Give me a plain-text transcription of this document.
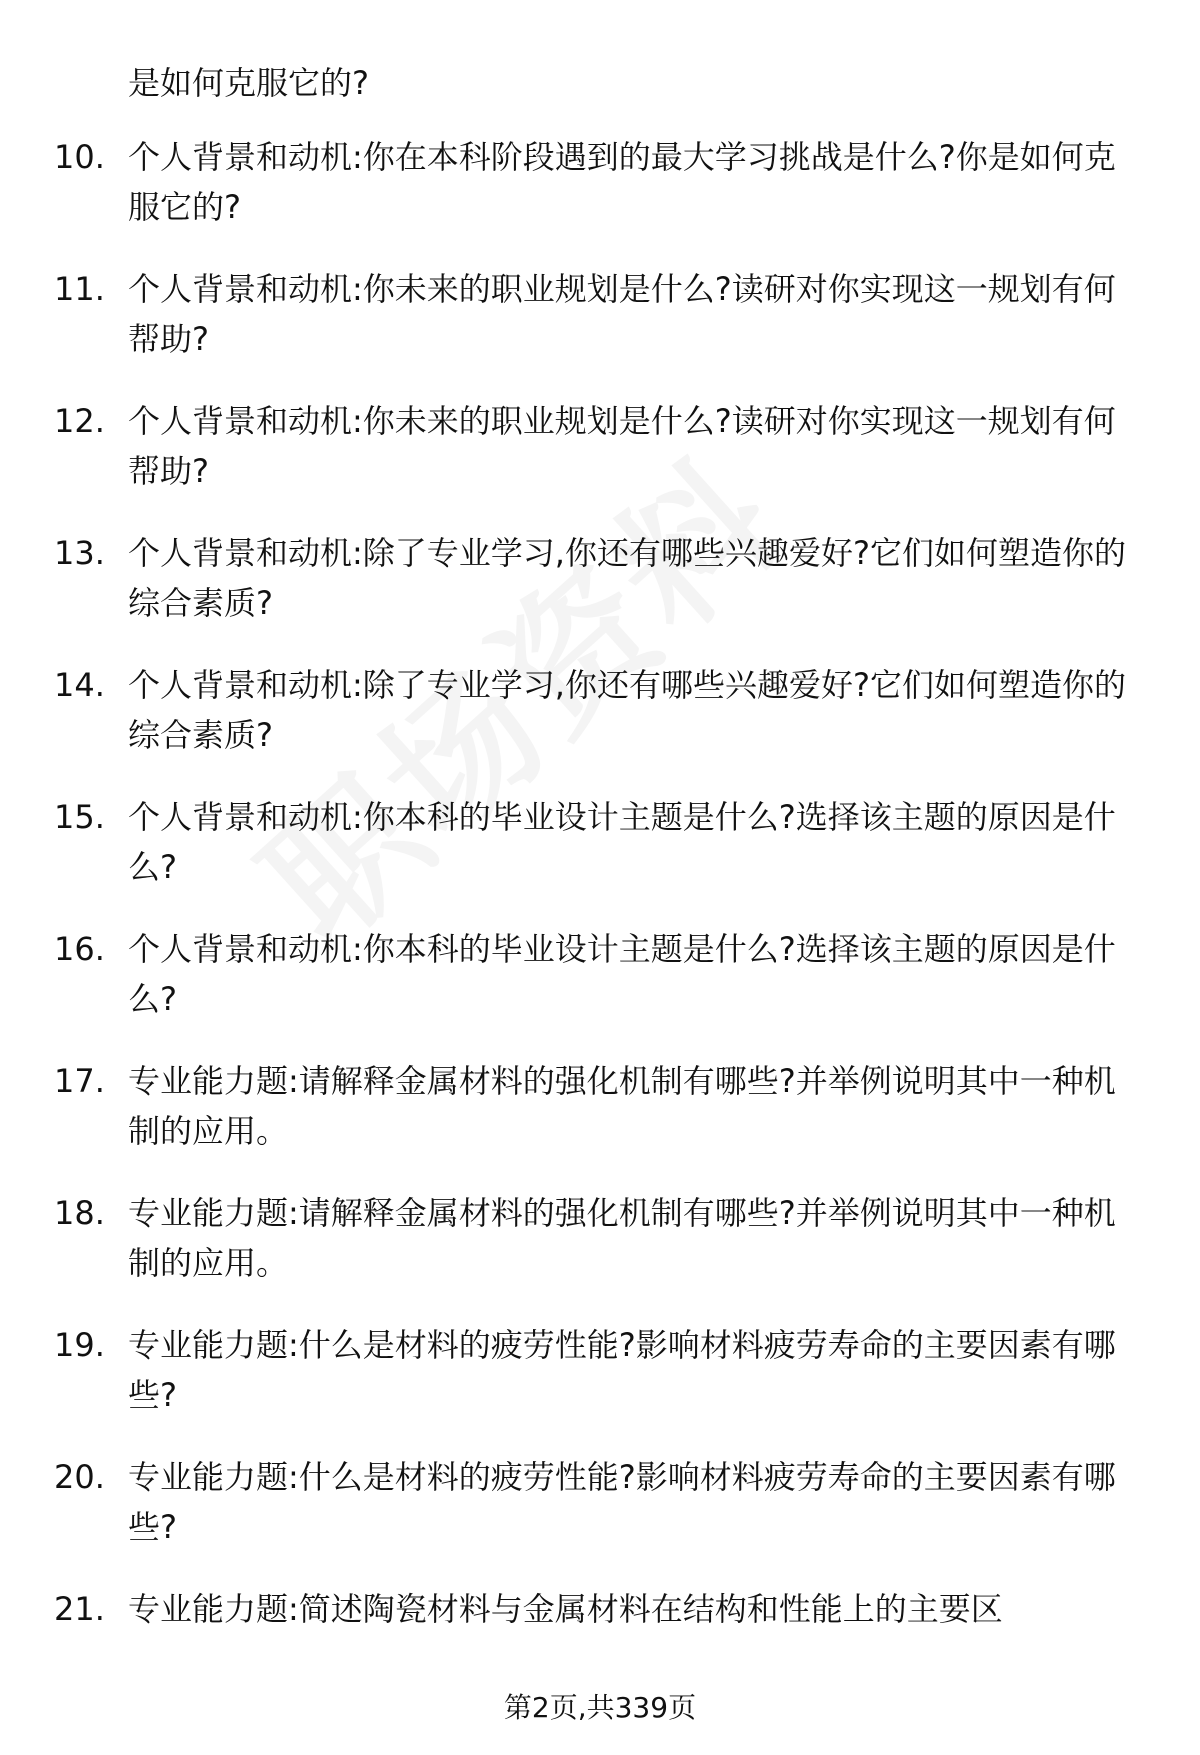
是如何克服它的?
10. 个人背景和动机:你在本科阶段遇到的最大学习挑战是什么?你是如何克服它的?
11. 个人背景和动机:你未来的职业规划是什么?读研对你实现这一规划有何帮助?
12. 个人背景和动机:你未来的职业规划是什么?读研对你实现这一规划有何帮助?
13. 个人背景和动机:除了专业学习,你还有哪些兴趣爱好?它们如何塑造你的综合素质?
14. 个人背景和动机:除了专业学习,你还有哪些兴趣爱好?它们如何塑造你的综合素质?
15. 个人背景和动机:你本科的毕业设计主题是什么?选择该主题的原因是什么?
16. 个人背景和动机:你本科的毕业设计主题是什么?选择该主题的原因是什么?
17. 专业能力题:请解释金属材料的强化机制有哪些?并举例说明其中一种机制的应用。
18. 专业能力题:请解释金属材料的强化机制有哪些?并举例说明其中一种机制的应用。
19. 专业能力题:什么是材料的疲劳性能?影响材料疲劳寿命的主要因素有哪些?
20. 专业能力题:什么是材料的疲劳性能?影响材料疲劳寿命的主要因素有哪些?
21. 专业能力题:简述陶瓷材料与金属材料在结构和性能上的主要区
第2页,共339页
